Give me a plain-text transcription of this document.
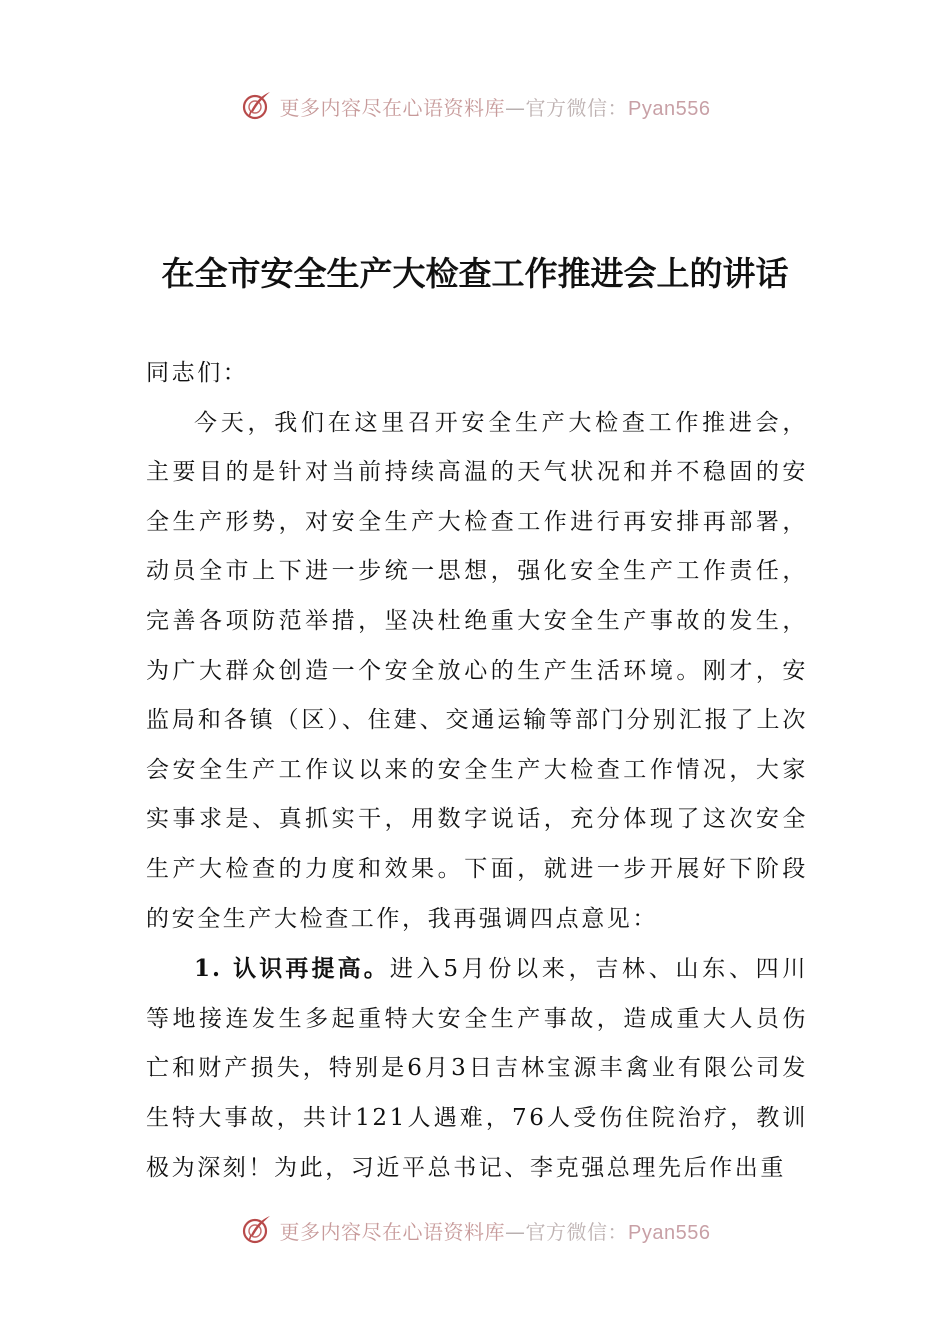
更多内容尽在心语资料库—官方微信：Pyan556
在全市安全生产大检查工作推进会上的讲话

同志们：

今天，我们在这里召开安全生产大检查工作推进会，主要目的是针对当前持续高温的天气状况和并不稳固的安全生产形势，对安全生产大检查工作进行再安排再部署，动员全市上下进一步统一思想，强化安全生产工作责任，完善各项防范举措，坚决杜绝重大安全生产事故的发生，为广大群众创造一个安全放心的生产生活环境。刚才，安监局和各镇（区）、住建、交通运输等部门分别汇报了上次会安全生产工作议以来的安全生产大检查工作情况，大家实事求是、真抓实干，用数字说话，充分体现了这次安全生产大检查的力度和效果。下面，就进一步开展好下阶段的安全生产大检查工作，我再强调四点意见：

1. 认识再提高。进入5月份以来，吉林、山东、四川等地接连发生多起重特大安全生产事故，造成重大人员伤亡和财产损失，特别是6月3日吉林宝源丰禽业有限公司发生特大事故，共计121人遇难，76人受伤住院治疗，教训极为深刻！为此，习近平总书记、李克强总理先后作出重

更多内容尽在心语资料库—官方微信：Pyan556
